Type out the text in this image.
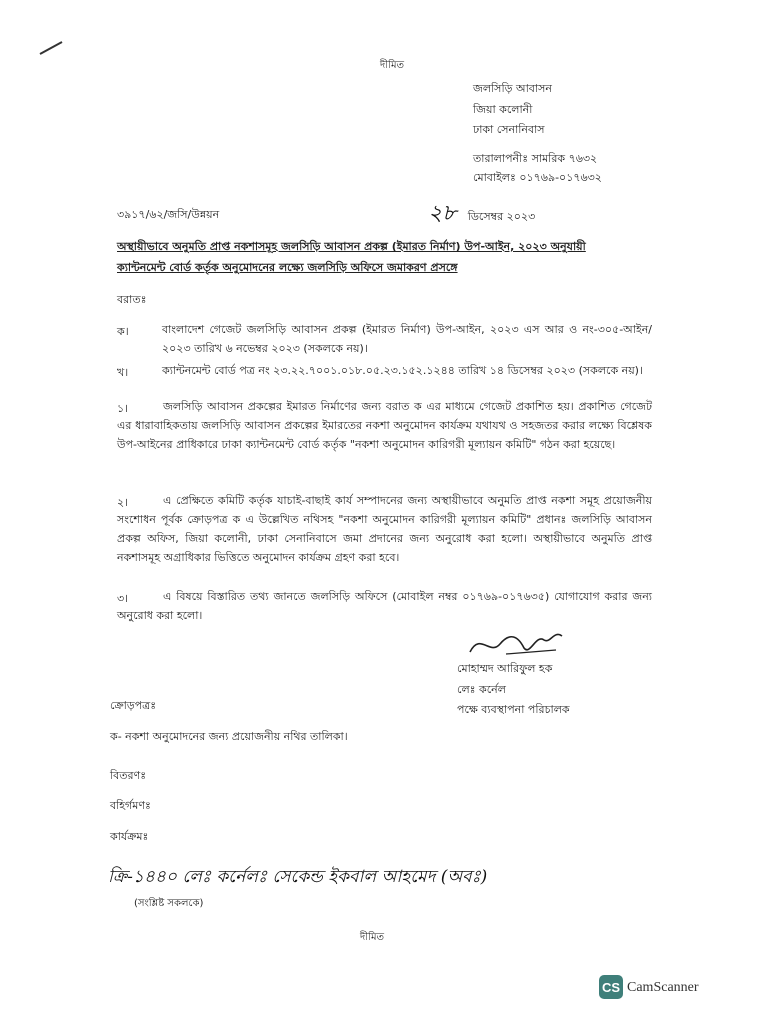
দীমিত
জলসিড়ি আবাসন
জিয়া কলোনী
ঢাকা সেনানিবাস
তারালাপনীঃ সামরিক ৭৬৩২
মোবাইলঃ ০১৭৬৯-০১৭৬৩২
৩৯১৭/৬২/জসি/উন্নয়ন	২৮ ডিসেম্বর ২০২৩
অস্থায়ীভাবে অনুমতি প্রাপ্ত নকশাসমূহ জলসিড়ি আবাসন প্রকল্প (ইমারত নির্মাণ) উপ-আইন, ২০২৩ অনুযায়ী
ক্যান্টনমেন্ট বোর্ড কর্তৃক অনুমোদনের লক্ষ্যে জলসিড়ি অফিসে জমাকরণ প্রসঙ্গে
বরাতঃ
ক।	বাংলাদেশ গেজেট জলসিড়ি আবাসন প্রকল্প (ইমারত নির্মাণ) উপ-আইন, ২০২৩ এস আর ও নং-৩০৫-আইন/২০২৩ তারিখ ৬ নভেম্বর ২০২৩ (সকলকে নয়)।
খ।	ক্যান্টনমেন্ট বোর্ড পত্র নং ২৩.২২.৭০০১.০১৮.০৫.২৩.১৫২.১২৪৪ তারিখ ১৪ ডিসেম্বর ২০২৩ (সকলকে নয়)।
১।	জলসিড়ি আবাসন প্রকল্পের ইমারত নির্মাণের জন্য বরাত ক এর মাধ্যমে গেজেট প্রকাশিত হয়। প্রকাশিত গেজেট এর ধারাবাহিকতায় জলসিড়ি আবাসন প্রকল্পের ইমারতের নকশা অনুমোদন কার্যক্রম যথাযথ ও সহজতর করার লক্ষ্যে বিশ্লেষক উপ-আইনের প্রাধিকারে ঢাকা ক্যান্টনমেন্ট বোর্ড কর্তৃক "নকশা অনুমোদন কারিগরী মূল্যায়ন কমিটি" গঠন করা হয়েছে।
২।	এ প্রেক্ষিতে কমিটি কর্তৃক যাচাই-বাছাই কার্য সম্পাদনের জন্য অস্থায়ীভাবে অনুমতি প্রাপ্ত নকশা সমূহ প্রয়োজনীয় সংশোধন পূর্বক ক্রোড়পত্র ক এ উল্লেখিত নথিসহ "নকশা অনুমোদন কারিগরী মূল্যায়ন কমিটি" প্রধানঃ জলসিড়ি আবাসন প্রকল্প অফিস, জিয়া কলোনী, ঢাকা সেনানিবাসে জমা প্রদানের জন্য অনুরোধ করা হলো। অস্থায়ীভাবে অনুমতি প্রাপ্ত নকশাসমূহ অগ্রাধিকার ভিত্তিতে অনুমোদন কার্যক্রম গ্রহণ করা হবে।
৩।	এ বিষয়ে বিস্তারিত তথ্য জানতে জলসিড়ি অফিসে (মোবাইল নম্বর ০১৭৬৯-০১৭৬৩৫) যোগাযোগ করার জন্য অনুরোধ করা হলো।
মোহাম্মদ আরিফুল হক
লেঃ কর্নেল
পক্ষে ব্যবস্থাপনা পরিচালক
ক্রোড়পত্রঃ
ক- নকশা অনুমোদনের জন্য প্রয়োজনীয় নথির তালিকা।
বিতরণঃ
বহির্গমণঃ
কার্যক্রমঃ
ক্রি-১৪৪০ লেঃ কর্নেলঃ সেকেন্ড ইকবাল আহমেদ (অবঃ)
(সংশ্লিষ্ট সকলকে)
দীমিত
CS CamScanner
